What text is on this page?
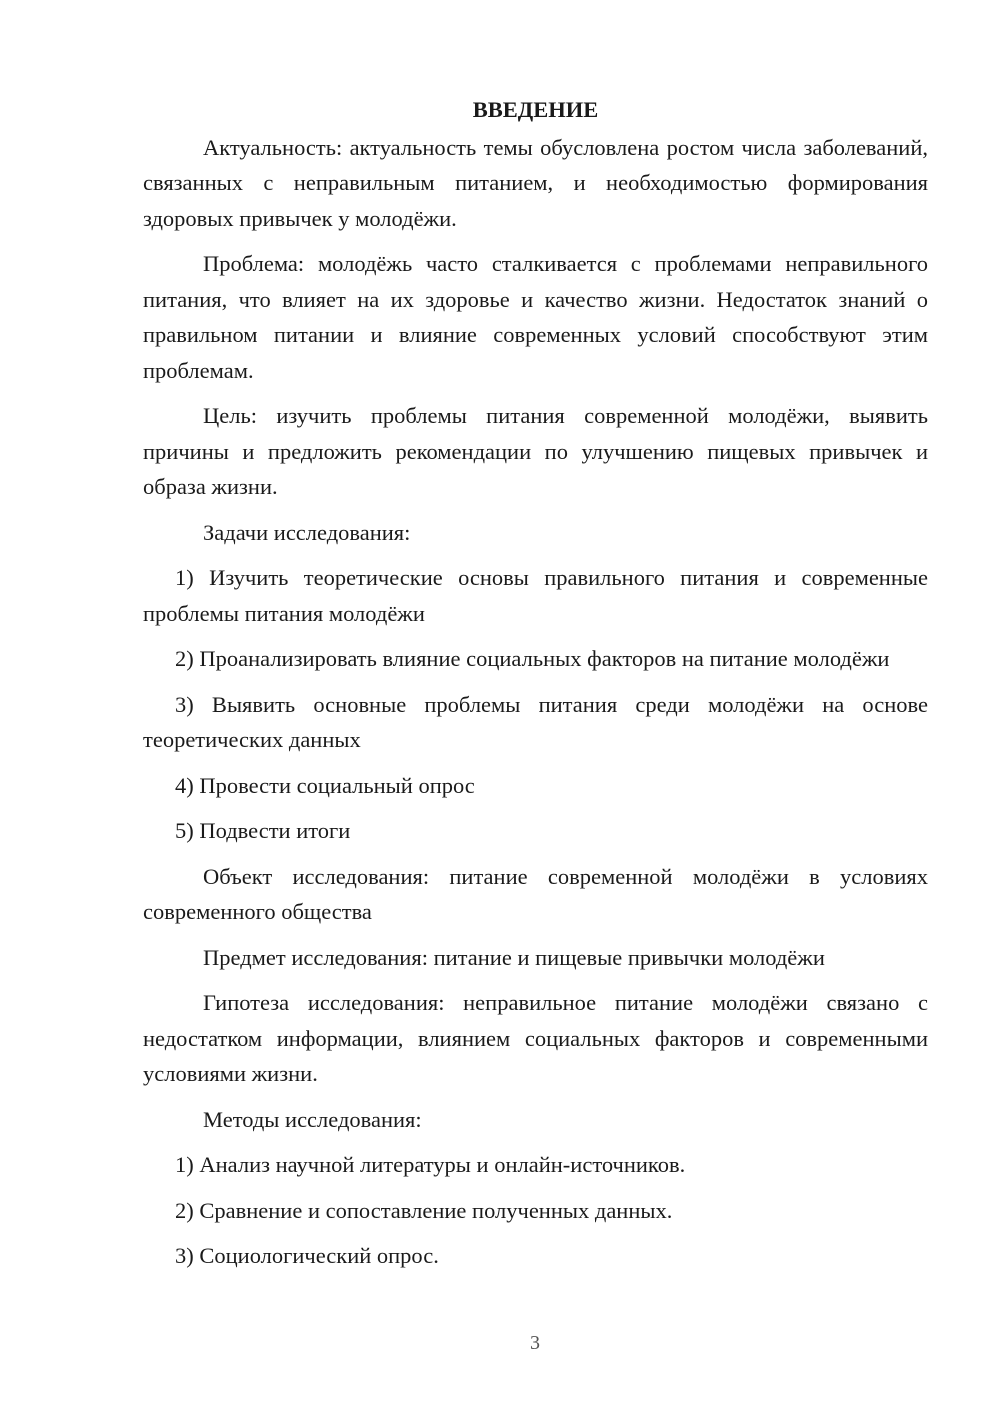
ВВЕДЕНИЕ

Актуальность: актуальность темы обусловлена ростом числа заболеваний, связанных с неправильным питанием, и необходимостью формирования здоровых привычек у молодёжи.

Проблема: молодёжь часто сталкивается с проблемами неправильного питания, что влияет на их здоровье и качество жизни. Недостаток знаний о правильном питании и влияние современных условий способствуют этим проблемам.

Цель: изучить проблемы питания современной молодёжи, выявить причины и предложить рекомендации по улучшению пищевых привычек и образа жизни.

Задачи исследования:

1) Изучить теоретические основы правильного питания и современные проблемы питания молодёжи

2) Проанализировать влияние социальных факторов на питание молодёжи

3) Выявить основные проблемы питания среди молодёжи на основе теоретических данных

4) Провести социальный опрос

5) Подвести итоги

Объект исследования: питание современной молодёжи в условиях современного общества

Предмет исследования: питание и пищевые привычки молодёжи

Гипотеза исследования: неправильное питание молодёжи связано с недостатком информации, влиянием социальных факторов и современными условиями жизни.

Методы исследования:

1) Анализ научной литературы и онлайн-источников.

2) Сравнение и сопоставление полученных данных.

3) Социологический опрос.

3
